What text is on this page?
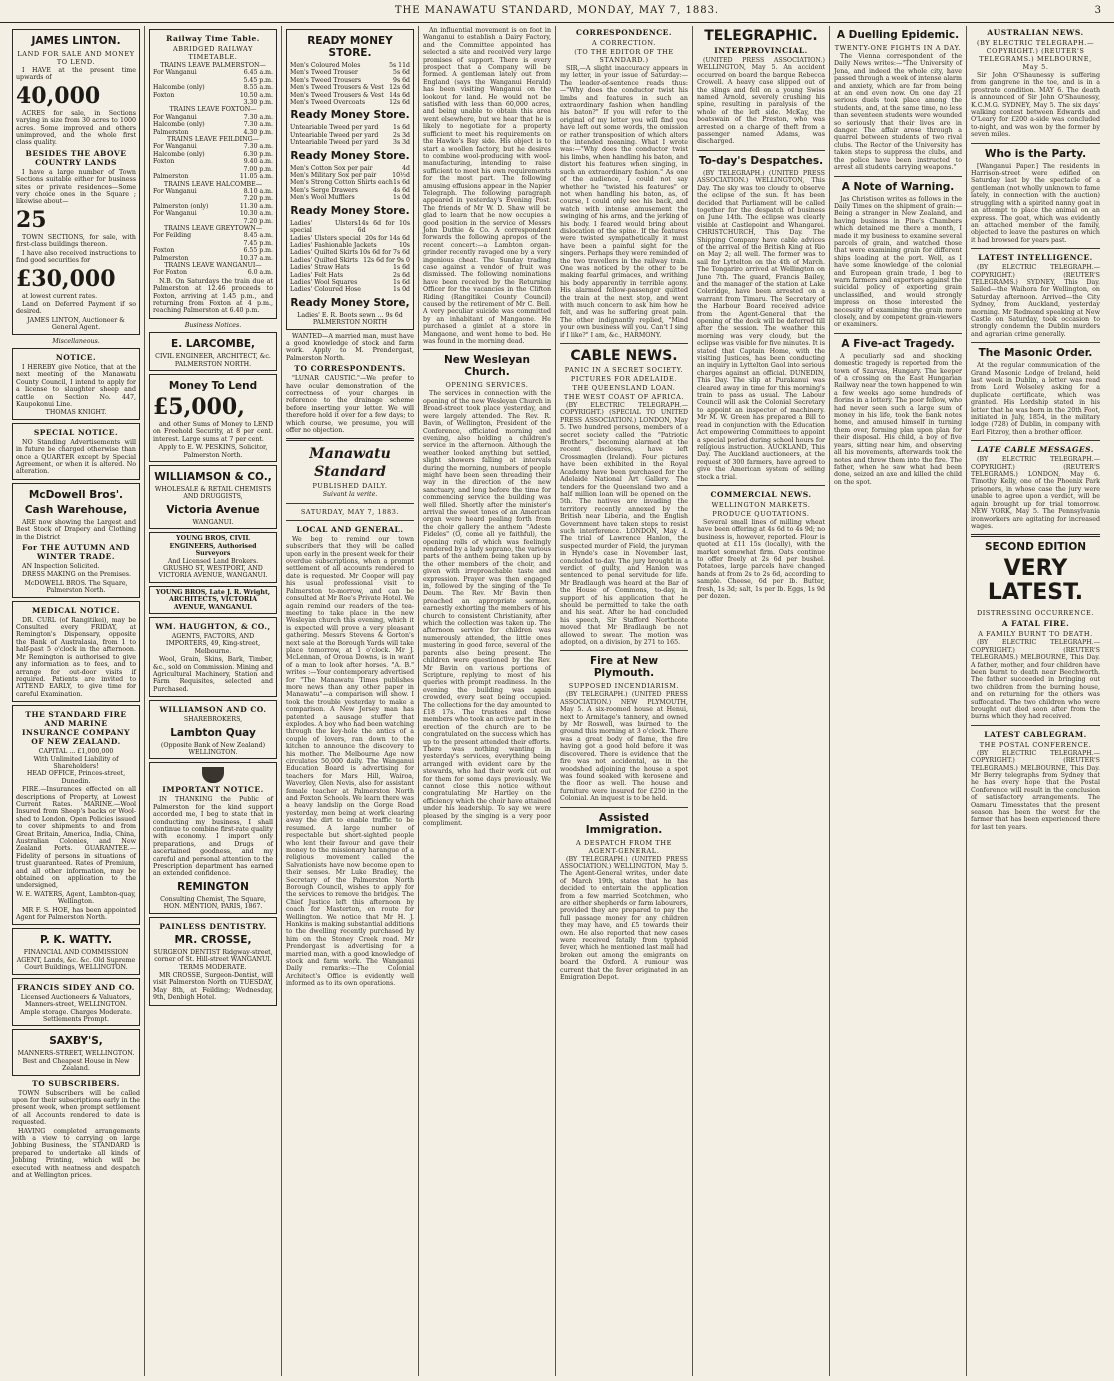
THE MANAWATU STANDARD, MONDAY, MAY 7, 1883.	3
JAMES LINTON.
LAND FOR SALE AND MONEY TO LEND.

I HAVE at the present time upwards of

40,000

ACRES for sale, in Sections varying in size from 30 acres to 1000 acres. Some improved and others unimproved, and the whole first class quality.

BESIDES THE ABOVE COUNTRY LANDS

I have a large number of Town Sections suitable either for business sites or private residences—Some very choice ones in the Square ; likewise about—

25

TOWN SECTIONS, for sale, with first-class buildings thereon.

I have also received instructions to find good securities for

£30,000

at lowest current rates.

Land on Deferred Payment if so desired.

JAMES LINTON, Auctioneer & General Agent.
Miscellaneous.
NOTICE.

I HEREBY give Notice, that at the next meeting of the Manawatu County Council, I intend to apply for a license to slaughter sheep and cattle on Section No. 447, Kaupokonui Line.

THOMAS KNIGHT.
SPECIAL NOTICE.

NO Standing Advertisements will in future be charged otherwise than once a QUARTER except by Special Agreement, or when it is altered. No alteration.

McDowell Bros'.
Cash Warehouse,

ARE now showing the Largest and Best Stock of Drapery and Clothing in the District

For THE AUTUMN AND WINTER TRADE.

AN Inspection Solicited.

DRESS MAKING on the Premises.

McDOWELL BROS. The Square, Palmerston North.
MEDICAL NOTICE.

DR. CURL (of Rangitikei), may be Consulted every FRIDAY, at Remington's Dispensary, opposite the Bank of Australasia, from 1 to half-past 5 o'clock in the afternoon. Mr Remington is authorised to give any information as to fees, and to arrange for out-door visits if required. Patients are invited to ATTEND EARLY, to give time for careful Examination.

THE STANDARD FIRE AND MARINE INSURANCE COMPANY OF NEW ZEALAND.
CAPITAL ... £1,000,000
With Unlimited Liability of Shareholders!
HEAD OFFICE, Princes-street, Dunedin.

FIRE.—Insurances effected on all descriptions of Property, at Lowest Current Rates. MARINE.—Wool Insured from Sheep's backs or Wool-shed to London. Open Policies issued to cover shipments to and from Great Britain, America, India, China, Australian Colonies, and New Zealand Ports. GUARANTEE.—Fidelity of persons in situations of trust guaranteed. Rates of Premium, and all other information, may be obtained on application to the undersigned,

W. E. WATERS, Agent, Lambton-quay, Wellington.

MR F. S. HOE, has been appointed Agent for Palmerston North.

P. K. WATTY.
FINANCIAL AND COMMISSION AGENT, Lands, &c. &c. Old Supreme Court Buildings, WELLINGTON.
FRANCIS SIDEY AND CO.
Licensed Auctioneers & Valuators, Manners-street, WELLINGTON.
Ample storage. Charges Moderate. Settlements Prompt.
SAXBY'S,
MANNERS-STREET, WELLINGTON.
Best and Cheapest House in New Zealand.
TO SUBSCRIBERS.

TOWN Subscribers will be called upon for their subscriptions early in the present week, when prompt settlement of all Accounts rendered to date is requested.

HAVING completed arrangements with a view to carrying on large Jobbing Business, the STANDARD is prepared to undertake all kinds of Jobbing Printing, which will be executed with neatness and despatch and at Wellington prices.

Railway Time Table.
ABRIDGED RAILWAY TIMETABLE.
TRAINS LEAVE PALMERSTON—
For Wanganui	6.45 a.m.
5.45 p.m.
Halcombe (only)	8.55 a.m.
Foxton	10.50 a.m.
3.30 p.m.
TRAINS LEAVE FOXTON—
For Wanganui	7.30 a.m.
Halcombe (only)	7.30 a.m.
Palmerston	4.30 p.m.
TRAINS LEAVE FEILDING—
For Wanganui	7.30 a.m.
Halcombe (only)	6.30 p.m.
Foxton	9.40 a.m.
7.00 p.m.
Palmerston	11.05 a.m.
TRAINS LEAVE HALCOMBE—
For Wanganui	8.10 a.m.
7.20 p.m.
Palmerston (only)	11.30 a.m.
For Wanganui	10.30 a.m.
7.20 p.m.
TRAINS LEAVE GREYTOWN—
For Feilding	8.45 a.m.
7.45 p.m.
Foxton	6.55 p.m.
Palmerston	10.37 a.m.
TRAINS LEAVE WANGANUI—
For Foxton	6.0 a.m.

N.B. On Saturdays the train due at Palmerston at 12.46 proceeds to Foxton, arriving at 1.45 p.m., and returning from Foxton at 4 p.m., reaching Palmerston at 6.40 p.m.

Business Notices.
E. LARCOMBE,
CIVIL ENGINEER, ARCHITECT, &c. PALMERSTON NORTH.
Money To Lend
£5,000,

and other Sums of Money to LEND on Freehold Security, at 8 per cent. interest. Large sums at 7 per cent.

Apply to E. W. PESKINS, Solicitor, Palmerston North.
WILLIAMSON & CO.,
WHOLESALE & RETAIL CHEMISTS AND DRUGGISTS,
Victoria Avenue
WANGANUI.
YOUNG BROS, CIVIL ENGINEERS, Authorised Surveyors
And Licensed Land Brokers. GRUSHO ST, WESTPORT, AND VICTORIA AVENUE, WANGANUI.
YOUNG BROS, Late J. R. Wright, ARCHITECTS, VICTORIA AVENUE, WANGANUI.
WM. HAUGHTON, & CO.,
AGENTS, FACTORS, AND IMPORTERS, 49, King-street, Melbourne.

Wool, Grain, Skins, Bark, Timber, &c., sold on Commission. Mining and Agricultural Machinery, Station and Farm Requisites, selected and Purchased.

WILLIAMSON AND CO.
SHAREBROKERS,
Lambton Quay
(Opposite Bank of New Zealand) WELLINGTON.
IMPORTANT NOTICE.

IN THANKING the Public of Palmerston for the kind support accorded me, I beg to state that in conducting my business, I shall continue to combine first-rate quality with economy. I import only preparations, and Drugs of ascertained goodness, and my careful and personal attention to the Prescription department has earned an extended confidence.

REMINGTON
Consulting Chemist, The Square,
HON. MENTION, PARIS, 1867.
PAINLESS DENTISTRY.
MR. CROSSE,
SURGEON DENTIST Ridgway-street, corner of St. Hill-street WANGANUI.
TERMS MODERATE.

MR CROSSE, Surgeon-Dentist, will visit Palmerston North on TUESDAY, May 8th, at Feilding; Wednesday, 9th, Denbigh Hotel.

READY MONEY STORE.
Men's Coloured Moles	5s 11d
Men's Tweed Trouser	5s 6d
Men's Tweed Trousers	9s 6d
Men's Tweed Trousers & Vest 12s 6d
Men's Tweed Trousers & Vest 14s 6d
Men's Tweed Overcoats	12s 6d
Ready Money Store.
Unteariable Tweed per yard 1s 6d
Unteariable Tweed per yard 2s 3d
Unteariable Tweed per yard 3s 3d
Ready Money Store.
Men's Cotton Sox per pair	4d
Men's Military Sox per pair	10½d
Men's Strong Cotton Shirts each 1s 6d
Men's Serge Drawers	4s 6d
Men's Wool Mufflers	1s 0d
Ready Money Store.
Ladies' Ulsters special
14s 6d for 10s 6d
Ladies' Ulsters special 20s for 14s 6d
Ladies' Fashionable Jackets	10s
Ladies' Quilted Skirts 10s 6d for 7s 6d
Ladies' Quilted Skirts 12s 6d for 9s 0
Ladies' Straw Hats	1s 6d
Ladies' Felt Hats	2s 6d
Ladies' Wool Squares	1s 6d
Ladies' Coloured Hose	1s 0d
Ready Money Store,
Ladies' E. R. Boots sewn ... 9s 6d PALMERSTON NORTH

WANTED—A married man, must have a good knowledge of stock and farm work. Apply to M. Prendergast, Palmerston North.

TO CORRESPONDENTS.

"LUNAR CAUSTIC."—We prefer to have ocular demonstration of the correctness of your charges in reference to the drainage scheme before inserting your letter. We will therefore hold it over for a few days; to which course, we presume, you will offer no objection.

Manawatu Standard
PUBLISHED DAILY.
Suivant la verite.
SATURDAY, MAY 7, 1883.
LOCAL AND GENERAL.

We beg to remind our town subscribers that they will be called upon early in the present week for their overdue subscriptions, when a prompt settlement of all accounts rendered to date is requested. Mr Cooper will pay his usual professional visit to Palmerston to-morrow, and can be consulted at Mr Roe's Private Hotel. We again remind our readers of the tea-meeting to take place in the new Wesleyan church this evening, which it is expected will prove a very pleasant gathering. Messrs Stevens & Gorton's next sale at the Borough Yards will take place tomorrow, at 1 o'clock. Mr J. McLennan, of Oroua Downs, is in want of a man to look after horses. "A. B." writes :—Your contemporary advertised for "The Manawatu Times publishes more news than any other paper in Manawatu"—a comparison will show. I took the trouble yesterday to make a comparison. A New Jersey man has patented a sausage stuffer that explodes. A boy who had been watching through the key-hole the antics of a couple of lovers, ran down to the kitchen to announce the discovery to his mother. The Melbourne Age now circulates 50,000 daily. The Wanganui Education Board is advertising for teachers for Mars Hill, Wairoa, Waverley, Glen Nevis, also for assistant female teacher at Palmerston North and Foxton Schools. We learn there was a heavy landslip on the Gorge Road yesterday, men being at work clearing away the dirt to enable traffic to be resumed. A large number of respectable but short-sighted people who lent their favour and gave their money to the missionary harangue of a religious movement called the Salvationists have now become open to their senses. Mr Luke Bradley, the Secretary of the Palmerston North Borough Council, wishes to apply for the services to remove the bridges. The Chief Justice left this afternoon by coach for Masterton, en route for Wellington. We notice that Mr H. J. Hankins is making substantial additions to the dwelling recently purchased by him on the Stoney Creek road. Mr Prendergast is advertising for a married man, with a good knowledge of stock and farm work. The Wanganui Daily remarks:—The Colonial Architect's Office is evidently well informed as to its own operations.

An influential movement is on foot in Wanganui to establish a Dairy Factory, and the Committee appointed has selected a site and received very large promises of support. There is every prospect that a Company will be formed. A gentleman lately out from England (says the Wanganui Herald) has been visiting Wanganui on the lookout for land. He would not be satisfied with less than 60,000 acres, and being unable to obtain this area went elsewhere, but we hear that he is likely to negotiate for a property sufficient to meet his requirements on the Hawke's Bay side. His object is to start a woollen factory, but he desires to combine wool-producing with wool-manufacturing, intending to raise sufficient to meet his own requirements for the most part. The following amusing effusions appear in the Napier Telegraph. The following paragraph appeared in yesterday's Evening Post. The friends of Mr W. D. Shaw will be glad to learn that he now occupies a good position in the service of Messrs John Duthie & Co. A correspondent forwards the following apropos of the recent concert:—a Lambton organ-grinder recently ravaged one by a very ingenious cheat. The Sunday trading case against a vendor of fruit was dismissed. The following nominations have been received by the Returning Officer for the vacancies in the Clifton Riding (Rangitikei County Council) caused by the retirement of Mr C. Bell. A very peculiar suicide was committed by an inhabitant of Mangaone. He purchased a gimlet at a store in Mangaone, and went home to bed. He was found in the morning dead.

New Wesleyan Church.
OPENING SERVICES.

The services in connection with the opening of the new Wesleyan Church in Broad-street took place yesterday, and were largely attended. The Rev. R. Bavin, of Wellington, President of the Conference, officiated morning and evening, also holding a children's service in the afternoon. Although the weather looked anything but settled, slight showers falling at intervals during the morning, numbers of people might have been seen threading their way in the direction of the new sanctuary, and long before the time for commencing service the building was well filled. Shortly after the minister's arrival the sweet tones of an American organ were heard pealing forth from the choir gallery the anthem "Adeste Fideles" (O, come all ye faithful), the opening rolls of which was feelingly rendered by a lady soprano, the various parts of the anthem being taken up by the other members of the choir, and given with irreproachable taste and expression. Prayer was then engaged in, followed by the singing of the Te Deum. The Rev. Mr Bavin then preached an appropriate sermon, earnestly exhorting the members of his church to consistent Christianity, after which the collection was taken up. The afternoon service for children was numerously attended, the little ones mustering in good force, several of the parents also being present. The children were questioned by the Rev. Mr Bavin on various portions of Scripture, replying to most of his queries with prompt readiness. In the evening the building was again crowded, every seat being occupied. The collections for the day amounted to £18 17s. The trustees and those members who took an active part in the erection of the church are to be congratulated on the success which has up to the present attended their efforts. There was nothing wanting in yesterday's services, everything being arranged with evident care by the stewards, who had their work cut out for them for some days previously. We cannot close this notice without congratulating Mr Hartley on the efficiency which the choir have attained under his leadership. To say we were pleased by the singing is a very poor compliment.

CORRESPONDENCE.
A CORRECTION.
(TO THE EDITOR OF THE STANDARD.)

SIR,—A slight inaccuracy appears in my letter, in your issue of Saturday:—The leader-of-sentence reads thus:—"Why does the conductor twist his limbs and features in such an extraordinary fashion when handling his baton?" If you will refer to the original of my letter you will find you have left out some words, the omission or rather transposition of which alters the intended meaning. What I wrote was:—"Why does the conductor twist his limbs, when handling his baton, and distort his features when singing, in such an extraordinary fashion." As one of the audience, I could not say whether he "twisted his features" or not when handling his baton, as, of course, I could only see his back, and watch with intense amusement the swinging of his arms, and the jerking of his body. I feared would bring about dislocation of the spine. If the features were twisted sympathetically it must have been a painful sight for the singers. Perhaps they were reminded of the two travellers in the railway train. One was noticed by the other to be making fearful grimaces, and writhing his body apparently in terrible agony. His alarmed fellow-passenger quitted the train at the next stop, and went with much concern to ask him how he felt, and was he suffering great pain. The other indignantly replied, "Mind your own business will you. Can't I sing if I like?" I am, &c., HARMONY.

CABLE NEWS.
PANIC IN A SECRET SOCIETY.
PICTURES FOR ADELAIDE.
THE QUEENSLAND LOAN.
THE WEST COAST OF AFRICA.

(BY ELECTRIC TELEGRAPH.—COPYRIGHT.) (SPECIAL TO UNITED PRESS ASSOCIATION.) LONDON, May 5. Two hundred persons, members of a secret society called the "Patriotic Brothers," becoming alarmed at the recent disclosures, have left Crossmaglen (Ireland). Four pictures have been exhibited in the Royal Academy have been purchased for the Adelaide National Art Gallery. The tenders for the Queensland two and a half million loan will be opened on the 5th. The natives are invading the territory recently annexed by the British near Liberia, and the English Government have taken steps to resist such interference. LONDON, May 4. The trial of Lawrence Hanlon, the suspected murder of Field, the juryman in Hynde's case in November last, concluded to-day. The jury brought in a verdict of guilty, and Hanlon was sentenced to penal servitude for life. Mr Bradlaugh was heard at the Bar of the House of Commons, to-day, in support of his application that he should be permitted to take the oath and his seat. After he had concluded his speech, Sir Stafford Northcote moved that Mr Bradlaugh be not allowed to swear. The motion was adopted, on a division, by 271 to 165.

Fire at New Plymouth.
SUPPOSED INCENDIARISM.

(BY TELEGRAPH.) (UNITED PRESS ASSOCIATION.) NEW PLYMOUTH, May 5. A six-roomed house at Henui, next to Armitage's tannery, and owned by Mr Roswell, was burned to the ground this morning at 3 o'clock. There was a great body of flame, the fire having got a good hold before it was discovered. There is evidence that the fire was not accidental, as in the woodshed adjoining the house a spot was found soaked with kerosene and the floor as well. The house and furniture were insured for £250 in the Colonial. An inquest is to be held.

Assisted Immigration.
A DESPATCH FROM THE AGENT-GENERAL.

(BY TELEGRAPH.) (UNITED PRESS ASSOCIATION.) WELLINGTON, May 5. The Agent-General writes, under date of March 19th, states that he has decided to entertain the application from a few married Scotchmen, who are either shepherds or farm labourers, provided they are prepared to pay the full passage money for any children they may have, and £5 towards their own. He also reported that new cases were received fatally from typhoid fever, which he mentioned last mail had broken out among the emigrants on board the Oxford. A rumour was current that the fever originated in an Emigration Depot.

TELEGRAPHIC.
INTERPROVINCIAL.

(UNITED PRESS ASSOCIATION.) WELLINGTON, May 5. An accident occurred on board the barque Rebecca Crowell. A heavy case slipped out of the slings and fell on a young Swiss named Arnold, severely crushing his spine, resulting in paralysis of the whole of the left side. McKay, the boatswain of the Preston, who was arrested on a charge of theft from a passenger named Adams, was discharged.

To-day's Despatches.

(BY TELEGRAPH.) (UNITED PRESS ASSOCIATION.) WELLINGTON, This Day. The sky was too cloudy to observe the eclipse of the sun. It has been decided that Parliament will be called together for the despatch of business on June 14th. The eclipse was clearly visible at Castlepoint and Whangarei. CHRISTCHURCH, This Day. The Shipping Company have cable advices of the arrival of the British King at Rio on May 2; all well. The former was to sail for Lyttelton on the 4th of March. The Tongariro arrived at Wellington on June 7th. The guard, Francis Bailey, and the manager of the station at Lake Coleridge, have been arrested on a warrant from Timaru. The Secretary of the Harbour Board received advice from the Agent-General that the opening of the dock will be deferred till after the session. The weather this morning was very cloudy, but the eclipse was visible for five minutes. It is stated that Captain Home, with the visiting Justices, has been conducting an inquiry in Lyttelton Gaol into serious charges against an official. DUNEDIN, This Day. The slip at Purakanui was cleared away in time for this morning's train to pass as usual. The Labour Council will ask the Colonial Secretary to appoint an inspector of machinery. Mr M. W. Green has prepared a Bill to read in conjunction with the Education Act empowering Committees to appoint a special period during school hours for religious instruction. AUCKLAND, This Day. The Auckland auctioneers, at the request of 300 farmers, have agreed to give the American system of selling stock a trial.

COMMERCIAL NEWS.
WELLINGTON MARKETS.
PRODUCE QUOTATIONS.

Several small lines of milling wheat have been offering at 4s 6d to 4s 9d; no business is, however, reported. Flour is quoted at £11 15s (locally), with the market somewhat firm. Oats continue to offer freely at 2s 6d per bushel. Potatoes, large parcels have changed hands at from 2s to 2s 6d, according to sample. Cheese, 6d per lb. Butter, fresh, 1s 3d; salt, 1s per lb. Eggs, 1s 9d per dozen.

A Duelling Epidemic.
TWENTY-ONE FIGHTS IN A DAY.

The Vienna correspondent of the Daily News writes:—"The University of Jena, and indeed the whole city, have passed through a week of intense alarm and anxiety, which are far from being at an end even now. On one day 21 serious duels took place among the students, and, at the same time, no less than seventeen students were wounded so seriously that their lives are in danger. The affair arose through a quarrel between students of two rival clubs. The Rector of the University has taken steps to suppress the clubs, and the police have been instructed to arrest all students carrying weapons."

A Note of Warning.

Jas Christison writes as follows in the Daily Times on the shipment of grain:—Being a stranger in New Zealand, and having business in Pine's Chambers which detained me there a month, I made it my business to examine several parcels of grain, and watched those that were examining grain for different ships loading at the port. Well, as I have some knowledge of the colonial and European grain trade, I beg to warn farmers and exporters against the suicidal policy of exporting grain unclassified, and would strongly impress on those interested the necessity of examining the grain more closely, and by competent grain-viewers or examiners.

A Five-act Tragedy.

A peculiarly sad and shocking domestic tragedy is reported from the town of Szarvas, Hungary. The keeper of a crossing on the East Hungarian Railway near the town happened to win a few weeks ago some hundreds of florins in a lottery. The poor fellow, who had never seen such a large sum of money in his life, took the bank notes home, and amused himself in turning them over, forming plan upon plan for their disposal. His child, a boy of five years, sitting near him, and observing all his movements, afterwards took the notes and threw them into the fire. The father, when he saw what had been done, seized an axe and killed the child on the spot.

AUSTRALIAN NEWS.
(BY ELECTRIC TELEGRAPH.—COPYRIGHT.) (REUTER'S TELEGRAMS.) MELBOURNE, May 5.

Sir John O'Shaunessy is suffering from gangrene in the toe, and is in a prostrate condition. MAY 6. The death is announced of Sir John O'Shaunessy, K.C.M.G. SYDNEY, May 5. The six days' walking contest between Edwards and O'Leary for £200 a-side was concluded to-night, and was won by the former by seven miles.

Who is the Party.

[Wanganui Paper.] The residents in Harrison-street were edified on Saturday last by the spectacle of a gentleman (not wholly unknown to fame lately, in connection with the auction) struggling with a spirited nanny goat in an attempt to place the animal on an express. The goat, which was evidently an attached member of the family, objected to leave the pastures on which it had browsed for years past.

LATEST INTELLIGENCE.

(BY ELECTRIC TELEGRAPH.—COPYRIGHT.) (REUTER'S TELEGRAMS.) SYDNEY, This Day. Sailed—the Waihora for Wellington, on Saturday afternoon. Arrived—the City Sydney, from Auckland, yesterday morning. Mr Redmond speaking at New Castle on Saturday, took occasion to strongly condemn the Dublin murders and agrarian crime generally.

The Masonic Order.

At the regular communication of the Grand Masonic Lodge of Ireland, held last week in Dublin, a letter was read from Lord Wolseley asking for a duplicate certificate, which was granted. His Lordship stated in his letter that he was born in the 20th Foot, initiated in July, 1854, in the military lodge (728) of Dublin, in company with Earl Fitzroy, then a brother officer.

LATE CABLE MESSAGES.

(BY ELECTRIC TELEGRAPH.—COPYRIGHT.) (REUTER'S TELEGRAMS.) LONDON, May 6. Timothy Kelly, one of the Phoenix Park prisoners, in whose case the jury were unable to agree upon a verdict, will be again brought up for trial tomorrow. NEW YORK, May 5. The Pennsylvania ironworkers are agitating for increased wages.

SECOND EDITION
VERY LATEST.
DISTRESSING OCCURRENCE.
A FATAL FIRE.
A FAMILY BURNT TO DEATH.

(BY ELECTRIC TELEGRAPH.—COPYRIGHT.) (REUTER'S TELEGRAMS.) MELBOURNE, This Day. A father, mother, and four children have been burnt to death near Beechworth. The father succeeded in bringing out two children from the burning house, and on returning for the others was suffocated. The two children who were brought out died soon after from the burns which they had received.

LATEST CABLEGRAM.
THE POSTAL CONFERENCE.

(BY ELECTRIC TELEGRAPH.—COPYRIGHT.) (REUTER'S TELEGRAMS.) MELBOURNE, This Day. Mr Berry telegraphs from Sydney that he has every hope that the Postal Conference will result in the conclusion of satisfactory arrangements. The Oamaru Timesstates that the present season has been the worst for the farmer that has been experienced there for last ten years.
